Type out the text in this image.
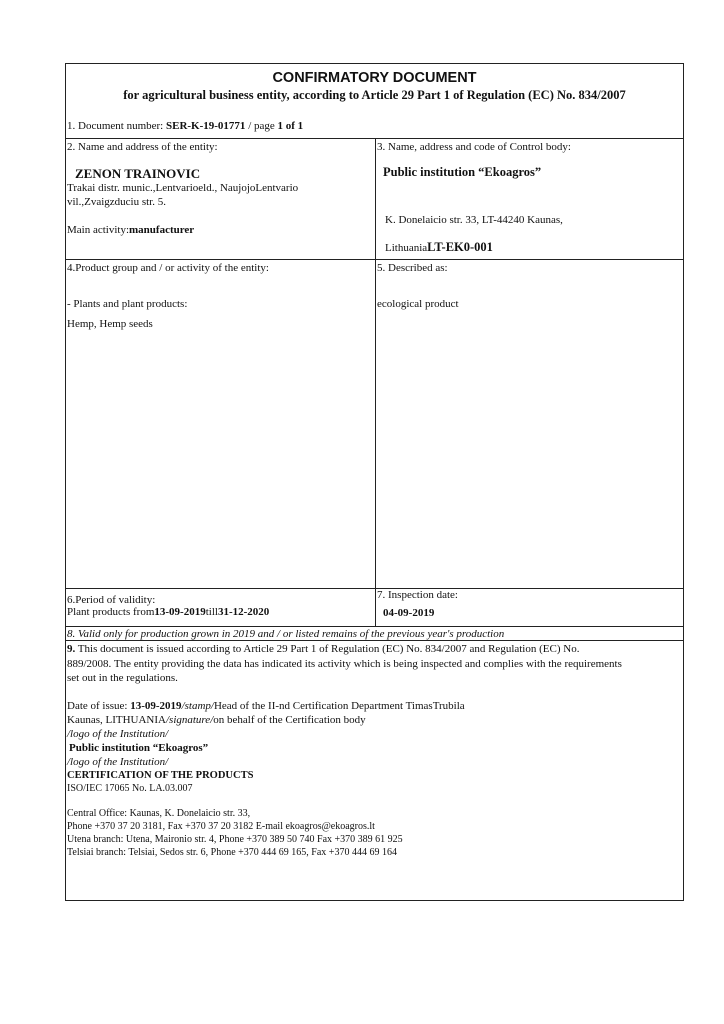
CONFIRMATORY DOCUMENT
for agricultural business entity, according to Article 29 Part 1 of Regulation (EC) No. 834/2007
1. Document number: SER-K-19-01771 / page 1 of 1
2. Name and address of the entity:
ZENON TRAINOVIC
Trakai distr. munic.,Lentvarioeld., NaujojoLentvario
vil.,Zvaigzduciu str. 5.
Main activity:manufacturer
3. Name, address and code of Control body:
Public institution “Ekoagros”
K. Donelaicio str. 33, LT-44240 Kaunas,
LithuaniaLT-EK0-001
4.Product group and / or activity of the entity:
- Plants and plant products:
Hemp, Hemp seeds
5. Described as:
ecological product
6.Period of validity:
Plant products from13-09-2019till31-12-2020
7. Inspection date:
04-09-2019
8. Valid only for production grown in 2019 and / or listed remains of the previous year's production
9. This document is issued according to Article 29 Part 1 of Regulation (EC) No. 834/2007 and Regulation (EC) No.
889/2008. The entity providing the data has indicated its activity which is being inspected and complies with the requirements
set out in the regulations.
Date of issue: 13-09-2019/stamp/Head of the II-nd Certification Department TimasTrubila
Kaunas, LITHUANIA/signature/on behalf of the Certification body
/logo of the Institution/
Public institution “Ekoagros”
/logo of the Institution/
CERTIFICATION OF THE PRODUCTS
ISO/IEC 17065 No. LA.03.007
Central Office: Kaunas, K. Donelaicio str. 33,
Phone +370 37 20 3181, Fax +370 37 20 3182 E-mail ekoagros@ekoagros.lt
Utena branch: Utena, Maironio str. 4, Phone +370 389 50 740 Fax +370 389 61 925
Telsiai branch: Telsiai, Sedos str. 6, Phone +370 444 69 165, Fax +370 444 69 164
